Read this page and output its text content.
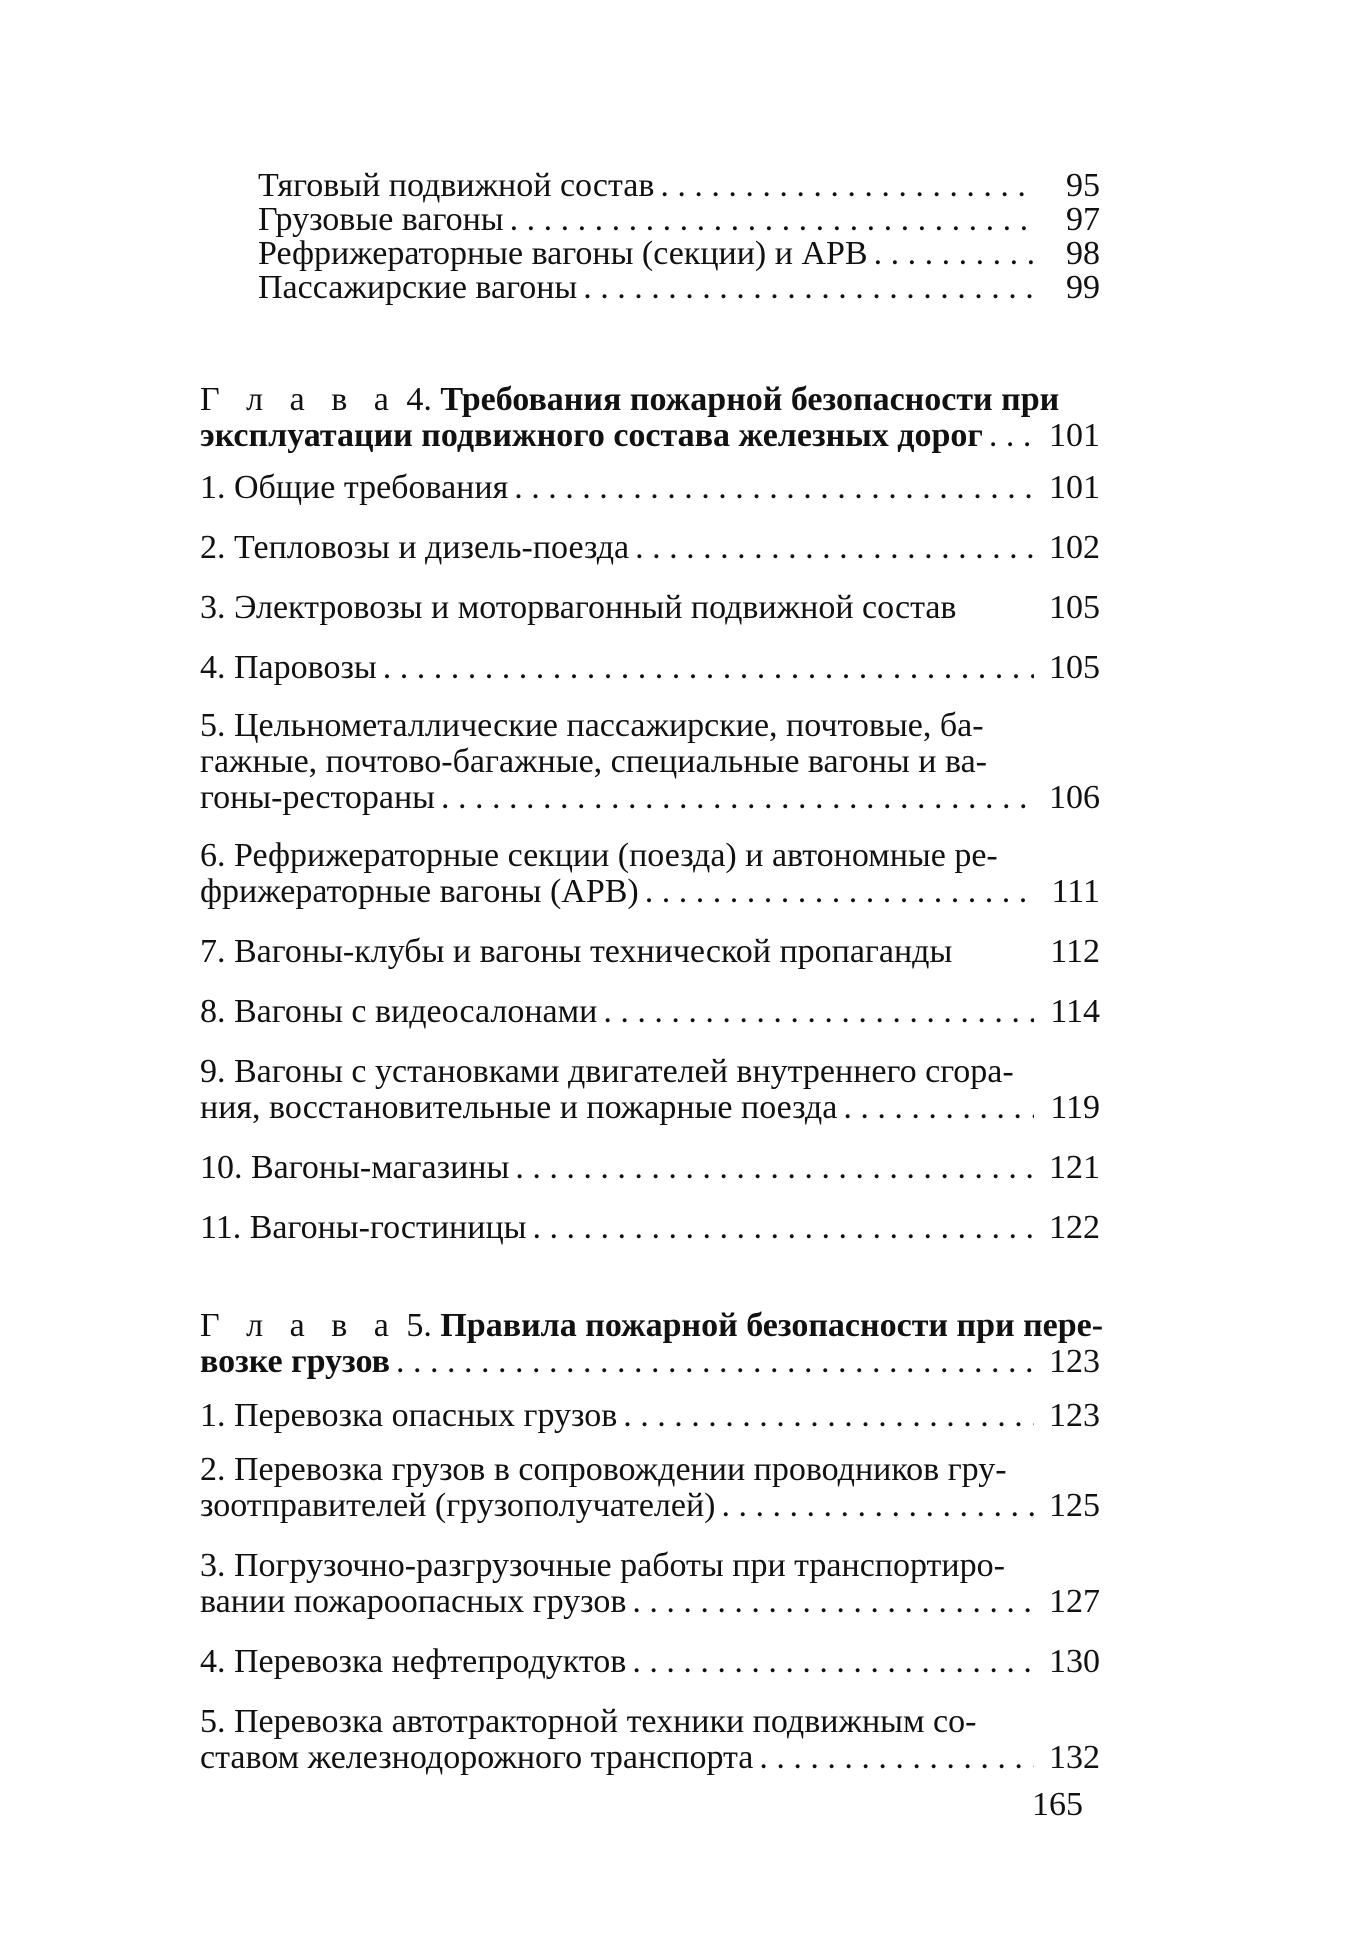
Тяговый подвижной состав . . .	95
Грузовые вагоны . . .	97
Рефрижераторные вагоны (секции) и АРВ . . .	98
Пассажирские вагоны . . .	99
Г л а в а 4. Требования пожарной безопасности при
эксплуатации подвижного состава железных дорог . . . 101
1. Общие требования . . .	101
2. Тепловозы и дизель-поезда . . .	102
3. Электровозы и моторвагонный подвижной состав	105
4. Паровозы . . .	105
5. Цельнометаллические пассажирские, почтовые, ба-
гажные, почтово-багажные, специальные вагоны и ва-
гоны-рестораны . . .	106
6. Рефрижераторные секции (поезда) и автономные ре-
фрижераторные вагоны (АРВ) . . .	111
7. Вагоны-клубы и вагоны технической пропаганды	112
8. Вагоны с видеосалонами . . .	114
9. Вагоны с установками двигателей внутреннего сгора-
ния, восстановительные и пожарные поезда . . .	119
10. Вагоны-магазины . . .	121
11. Вагоны-гостиницы . . .	122
Г л а в а 5. Правила пожарной безопасности при пере-
возке грузов . . .	123
1. Перевозка опасных грузов . . .	123
2. Перевозка грузов в сопровождении проводников гру-
зоотправителей (грузополучателей) . . .	125
3. Погрузочно-разгрузочные работы при транспортиро-
вании пожароопасных грузов . . .	127
4. Перевозка нефтепродуктов . . .	130
5. Перевозка автотракторной техники подвижным со-
ставом железнодорожного транспорта . . .	132
165
